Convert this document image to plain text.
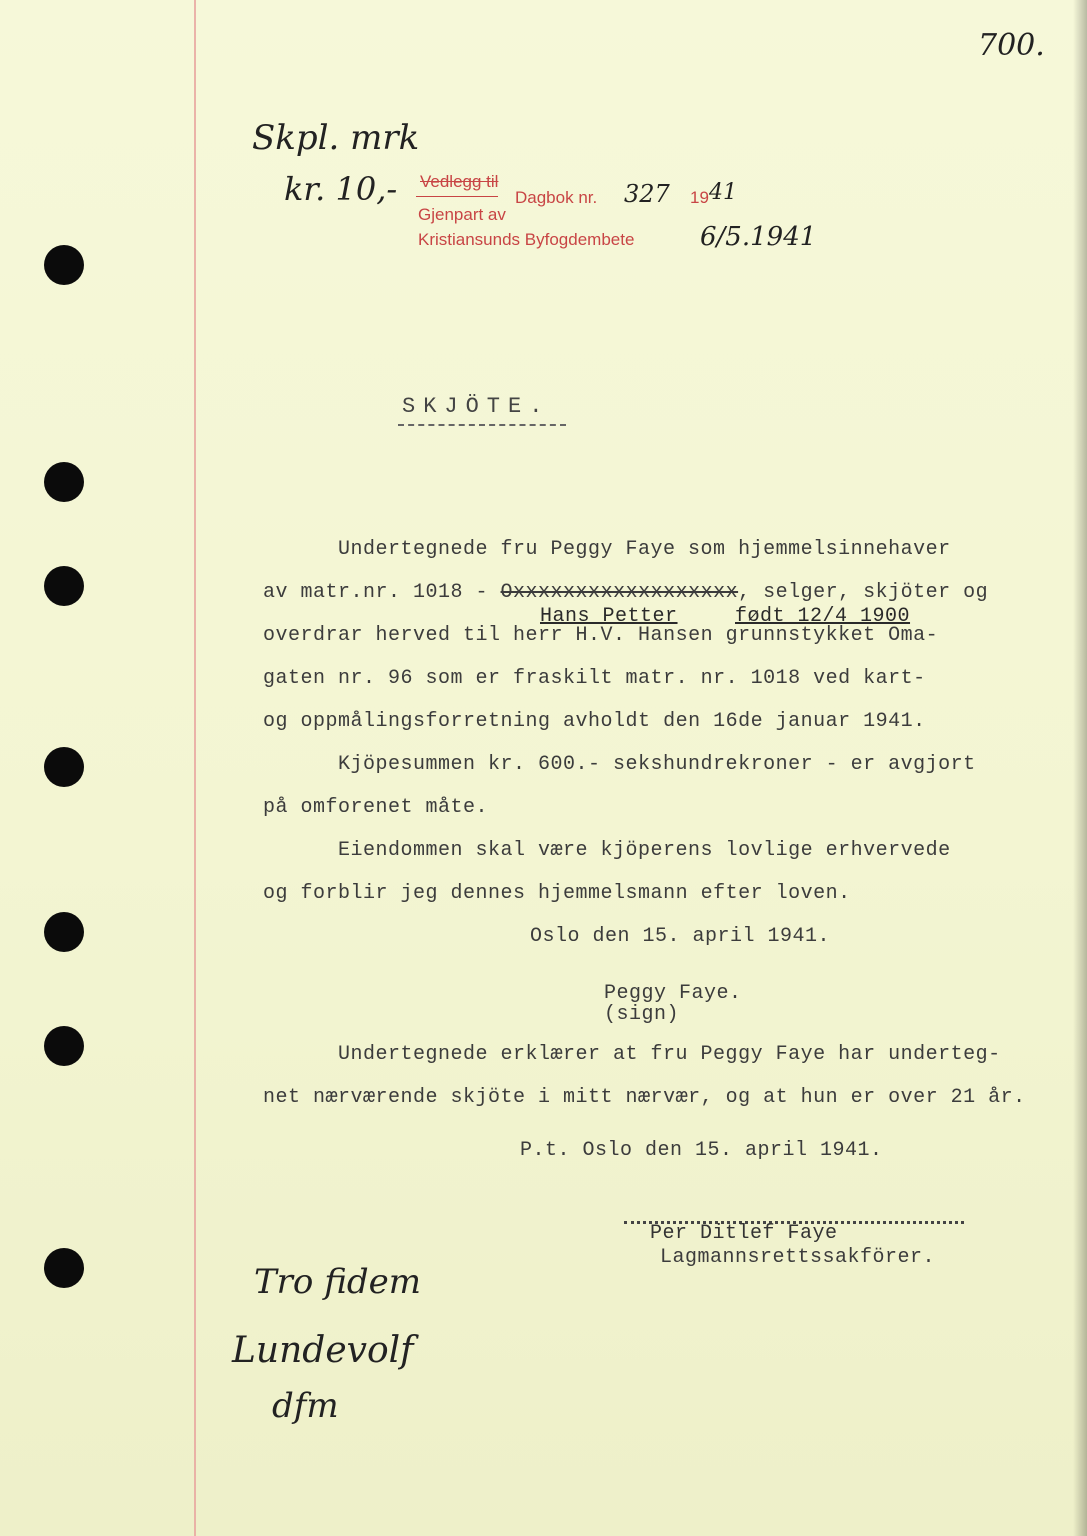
700.
Skpl. mrk
kr. 10,- Vedlegg til
Dagbok nr. 327 19 41
Gjenpart av
Kristiansunds Byfogdembete	6/5.1941
SKJÖTE.
Undertegnede fru Peggy Faye som hjemmelsinnehaver
av matr.nr. 1018 - Oxxxxxxxxxxxxxxxxxx, selger, skjöter og
Hans Petter	født 12/4 1900
overdrar herved til herr H.V. Hansen grunnstykket Oma-
gaten nr. 96 som er fraskilt matr. nr. 1018 ved kart-
og oppmålingsforretning avholdt den 16de januar 1941.
Kjöpesummen kr. 600.- sekshundrekroner - er avgjort
på omforenet måte.
Eiendommen skal være kjöperens lovlige erhvervede
og forblir jeg dennes hjemmelsmann efter loven.
Oslo den 15. april 1941.
Peggy Faye.
(sign)
Undertegnede erklærer at fru Peggy Faye har underteg-
net nærværende skjöte i mitt nærvær, og at hun er over 21 år.
P.t. Oslo den 15. april 1941.
Per Ditlef Faye
Lagmannsrettssakförer.
Tro fidem
Lundevolf
dfm
